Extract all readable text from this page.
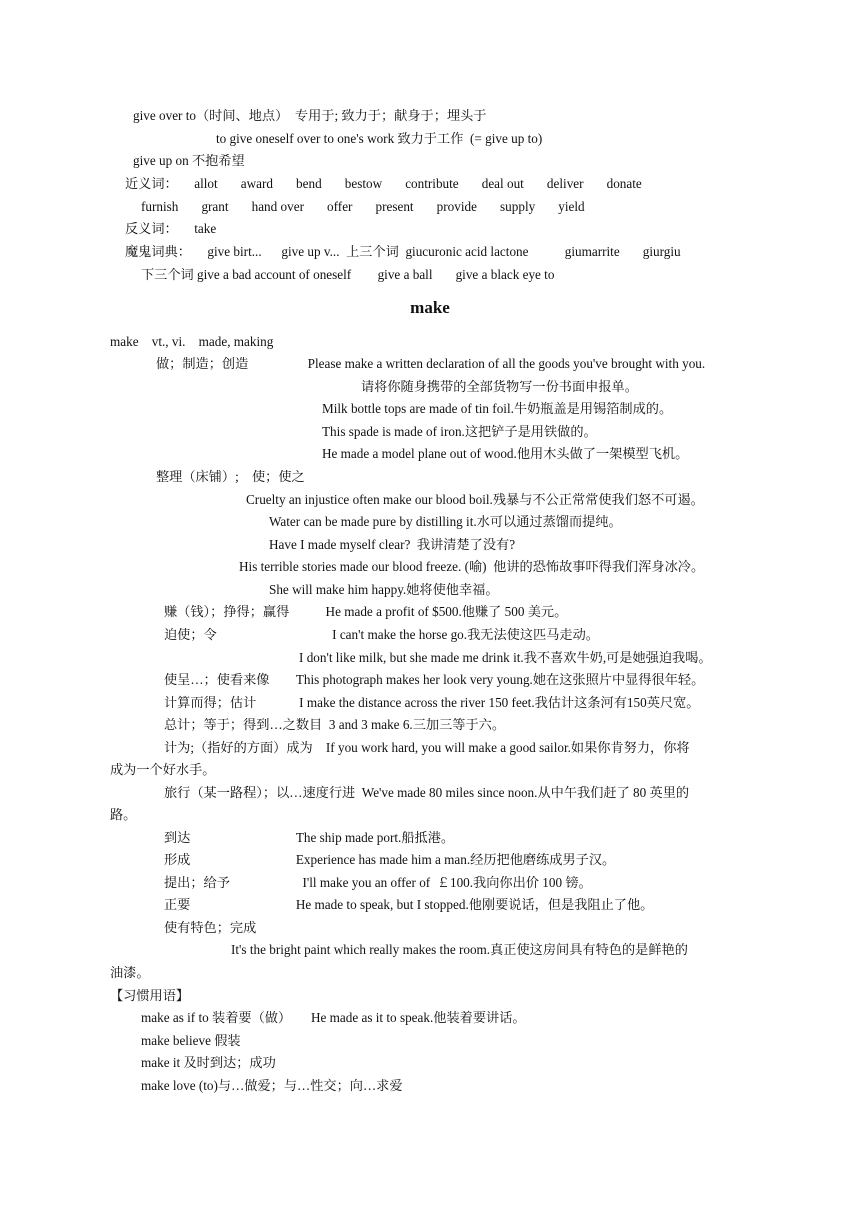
give over to（时间、地点）  专用于; 致力于；献身于；埋头于
to give oneself over to one's work 致力于工作  (= give up to)
give up on 不抱希望
近义词：     allot       award       bend       bestow       contribute       deal out       deliver       donate
furnish       grant       hand over       offer       present       provide       supply       yield
反义词：     take
魔鬼词典：     give birt...      give up v...  上三个词  giucuronic acid lactone           giumarrite       giurgiu
下三个词 give a bad account of oneself        give a ball       give a black eye to
make
make    vt., vi.    made, making
做；制造；创造                  Please make a written declaration of all the goods you've brought with you.
请将你随身携带的全部货物写一份书面申报单。
Milk bottle tops are made of tin foil.牛奶瓶盖是用锡箔制成的。
This spade is made of iron.这把铲子是用铁做的。
He made a model plane out of wood.他用木头做了一架模型飞机。
整理（床铺）;    使；使之
Cruelty an injustice often make our blood boil.残暴与不公正常常使我们怒不可遏。
Water can be made pure by distilling it.水可以通过蒸馏而提纯。
Have I made myself clear?  我讲清楚了没有?
His terrible stories made our blood freeze. (喻)  他讲的恐怖故事吓得我们浑身冰冷。
She will make him happy.她将使他幸福。
赚（钱）；挣得；赢得           He made a profit of $500.他赚了 500 美元。
迫使；令                                   I can't make the horse go.我无法使这匹马走动。
I don't like milk, but she made me drink it.我不喜欢牛奶,可是她强迫我喝。
使呈…；使看来像        This photograph makes her look very young.她在这张照片中显得很年轻。
计算而得；估计             I make the distance across the river 150 feet.我估计这条河有150英尺宽。
总计；等于；得到…之数目  3 and 3 make 6.三加三等于六。
计为;（指好的方面）成为    If you work hard, you will make a good sailor.如果你肯努力，你将
成为一个好水手。
旅行（某一路程）；以…速度行进  We've made 80 miles since noon.从中午我们赶了 80 英里的
路。
到达                                The ship made port.船抵港。
形成                                Experience has made him a man.经历把他磨练成男子汉。
提出；给予                      I'll make you an offer of  ￡100.我向你出价 100 镑。
正要                                He made to speak, but I stopped.他刚要说话，但是我阻止了他。
使有特色；完成
It's the bright paint which really makes the room.真正使这房间具有特色的是鲜艳的
油漆。
【习惯用语】
make as if to 装着要（做）      He made as it to speak.他装着要讲话。
make believe 假装
make it 及时到达；成功
make love (to)与…做爱；与…性交；向…求爱
